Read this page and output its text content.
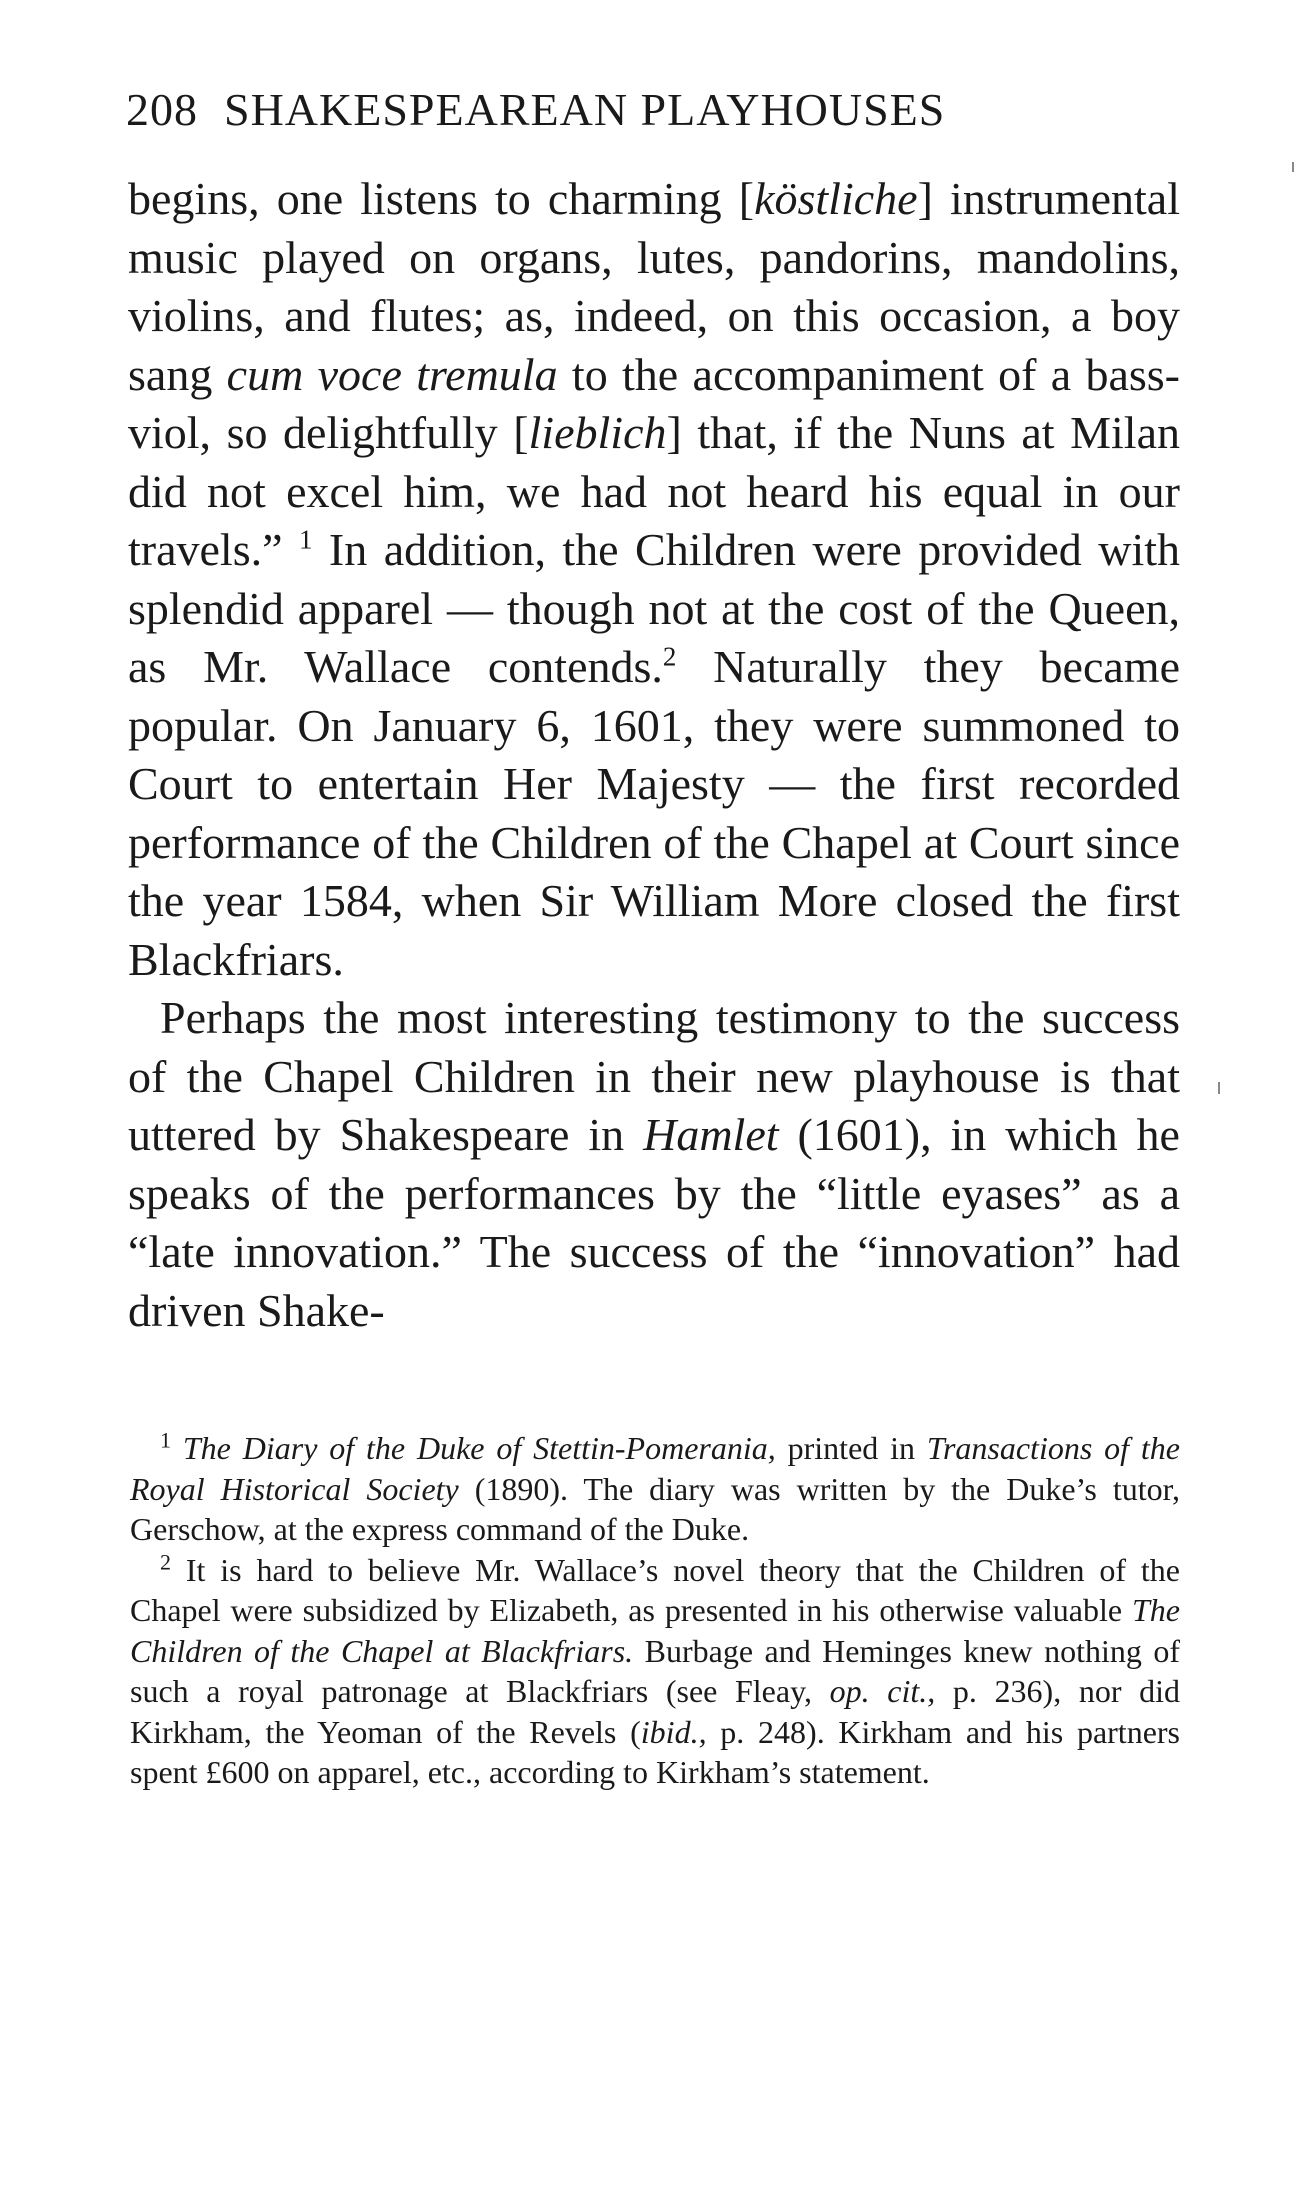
208 SHAKESPEAREAN PLAYHOUSES

begins, one listens to charming [köstliche] instrumental music played on organs, lutes, pandorins, mandolins, violins, and flutes; as, indeed, on this occasion, a boy sang cum voce tremula to the accompaniment of a bass-viol, so delightfully [lieblich] that, if the Nuns at Milan did not excel him, we had not heard his equal in our travels.” $^1$ In addition, the Children were provided with splendid apparel — though not at the cost of the Queen, as Mr. Wallace contends.$^2$ Naturally they became popular. On January 6, 1601, they were summoned to Court to entertain Her Majesty — the first recorded performance of the Children of the Chapel at Court since the year 1584, when Sir William More closed the first Blackfriars.

Perhaps the most interesting testimony to the success of the Chapel Children in their new playhouse is that uttered by Shakespeare in Hamlet (1601), in which he speaks of the performances by the “little eyases” as a “late innovation.” The success of the “innovation” had driven Shake-

$^1$ The Diary of the Duke of Stettin-Pomerania, printed in Transactions of the Royal Historical Society (1890). The diary was written by the Duke’s tutor, Gerschow, at the express command of the Duke.

$^2$ It is hard to believe Mr. Wallace’s novel theory that the Children of the Chapel were subsidized by Elizabeth, as presented in his otherwise valuable The Children of the Chapel at Blackfriars. Burbage and Heminges knew nothing of such a royal patronage at Blackfriars (see Fleay, op. cit., p. 236), nor did Kirkham, the Yeoman of the Revels (ibid., p. 248). Kirkham and his partners spent £600 on apparel, etc., according to Kirkham’s statement.
